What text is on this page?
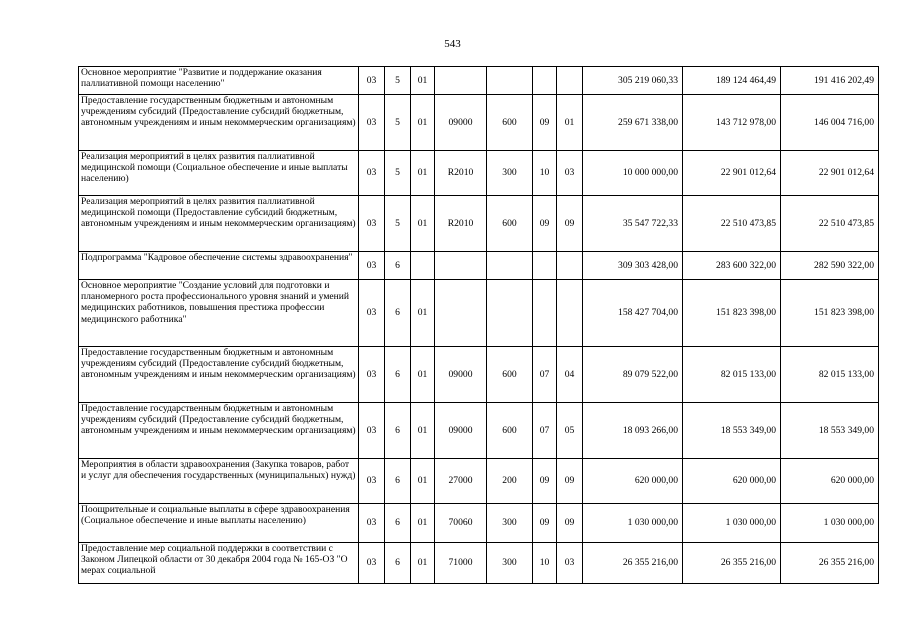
543
Основное мероприятие "Развитие и поддержание оказания паллиативной помощи населению"	03	5	01					305 219 060,33	189 124 464,49	191 416 202,49
Предоставление государственным бюджетным и автономным учреждениям субсидий (Предоставление субсидий бюджетным, автономным учреждениям и иным некоммерческим организациям)	03	5	01	09000	600	09	01	259 671 338,00	143 712 978,00	146 004 716,00
Реализация мероприятий в целях развития паллиативной медицинской помощи (Социальное обеспечение и иные выплаты населению)	03	5	01	R2010	300	10	03	10 000 000,00	22 901 012,64	22 901 012,64
Реализация мероприятий в целях развития паллиативной медицинской помощи (Предоставление субсидий бюджетным, автономным учреждениям и иным некоммерческим организациям)	03	5	01	R2010	600	09	09	35 547 722,33	22 510 473,85	22 510 473,85
Подпрограмма "Кадровое обеспечение системы здравоохранения"	03	6						309 303 428,00	283 600 322,00	282 590 322,00
Основное мероприятие "Создание условий для подготовки и планомерного роста профессионального уровня знаний и умений медицинских работников, повышения престижа профессии медицинского работника"	03	6	01					158 427 704,00	151 823 398,00	151 823 398,00
Предоставление государственным бюджетным и автономным учреждениям субсидий (Предоставление субсидий бюджетным, автономным учреждениям и иным некоммерческим организациям)	03	6	01	09000	600	07	04	89 079 522,00	82 015 133,00	82 015 133,00
Предоставление государственным бюджетным и автономным учреждениям субсидий (Предоставление субсидий бюджетным, автономным учреждениям и иным некоммерческим организациям)	03	6	01	09000	600	07	05	18 093 266,00	18 553 349,00	18 553 349,00
Мероприятия в области здравоохранения (Закупка товаров, работ и услуг для обеспечения государственных (муниципальных) нужд)	03	6	01	27000	200	09	09	620 000,00	620 000,00	620 000,00
Поощрительные и социальные выплаты в сфере здравоохранения (Социальное обеспечение и иные выплаты населению)	03	6	01	70060	300	09	09	1 030 000,00	1 030 000,00	1 030 000,00
Предоставление мер социальной поддержки в соответствии с Законом Липецкой области от 30 декабря 2004 года № 165-ОЗ "О мерах социальной	03	6	01	71000	300	10	03	26 355 216,00	26 355 216,00	26 355 216,00
